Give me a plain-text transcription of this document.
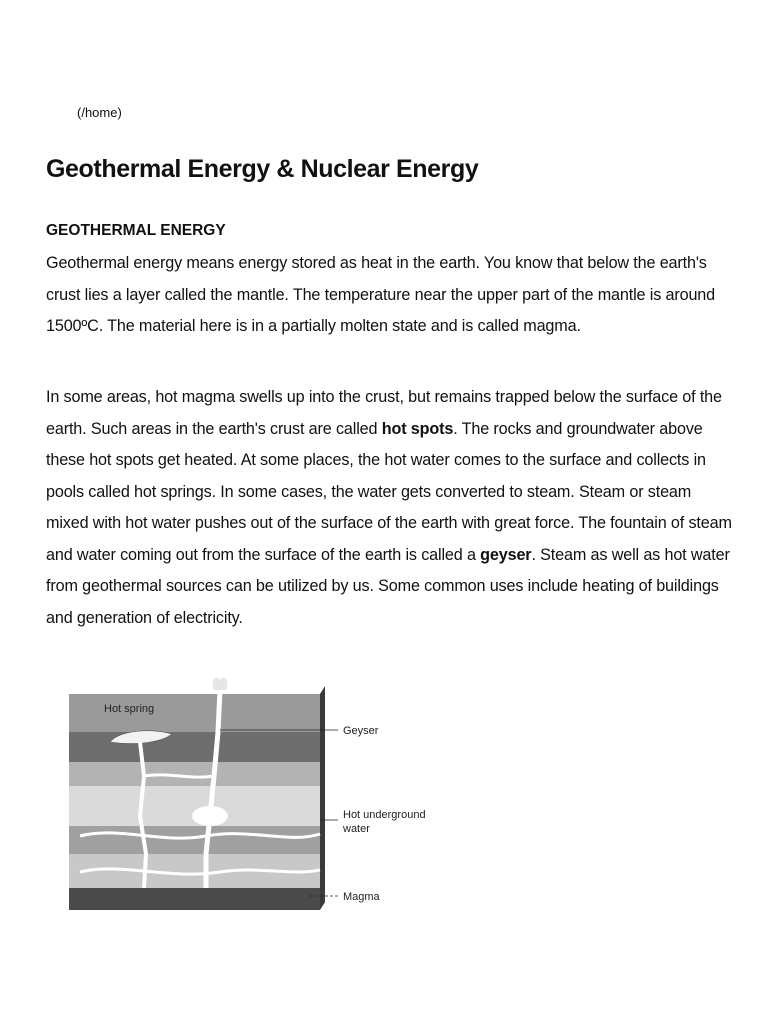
(/home)
Geothermal Energy & Nuclear Energy
GEOTHERMAL ENERGY

Geothermal energy means energy stored as heat in the earth. You know that below the earth's crust lies a layer called the mantle. The temperature near the upper part of the mantle is around 1500ºC. The material here is in a partially molten state and is called magma.

In some areas, hot magma swells up into the crust, but remains trapped below the surface of the earth. Such areas in the earth's crust are called hot spots. The rocks and groundwater above these hot spots get heated. At some places, the hot water comes to the surface and collects in pools called hot springs. In some cases, the water gets converted to steam. Steam or steam mixed with hot water pushes out of the surface of the earth with great force. The fountain of steam and water coming out from the surface of the earth is called a geyser. Steam as well as hot water from geothermal sources can be utilized by us. Some common uses include heating of buildings and generation of electricity.

Hot spring
Geyser
Hot underground
water
Magma
